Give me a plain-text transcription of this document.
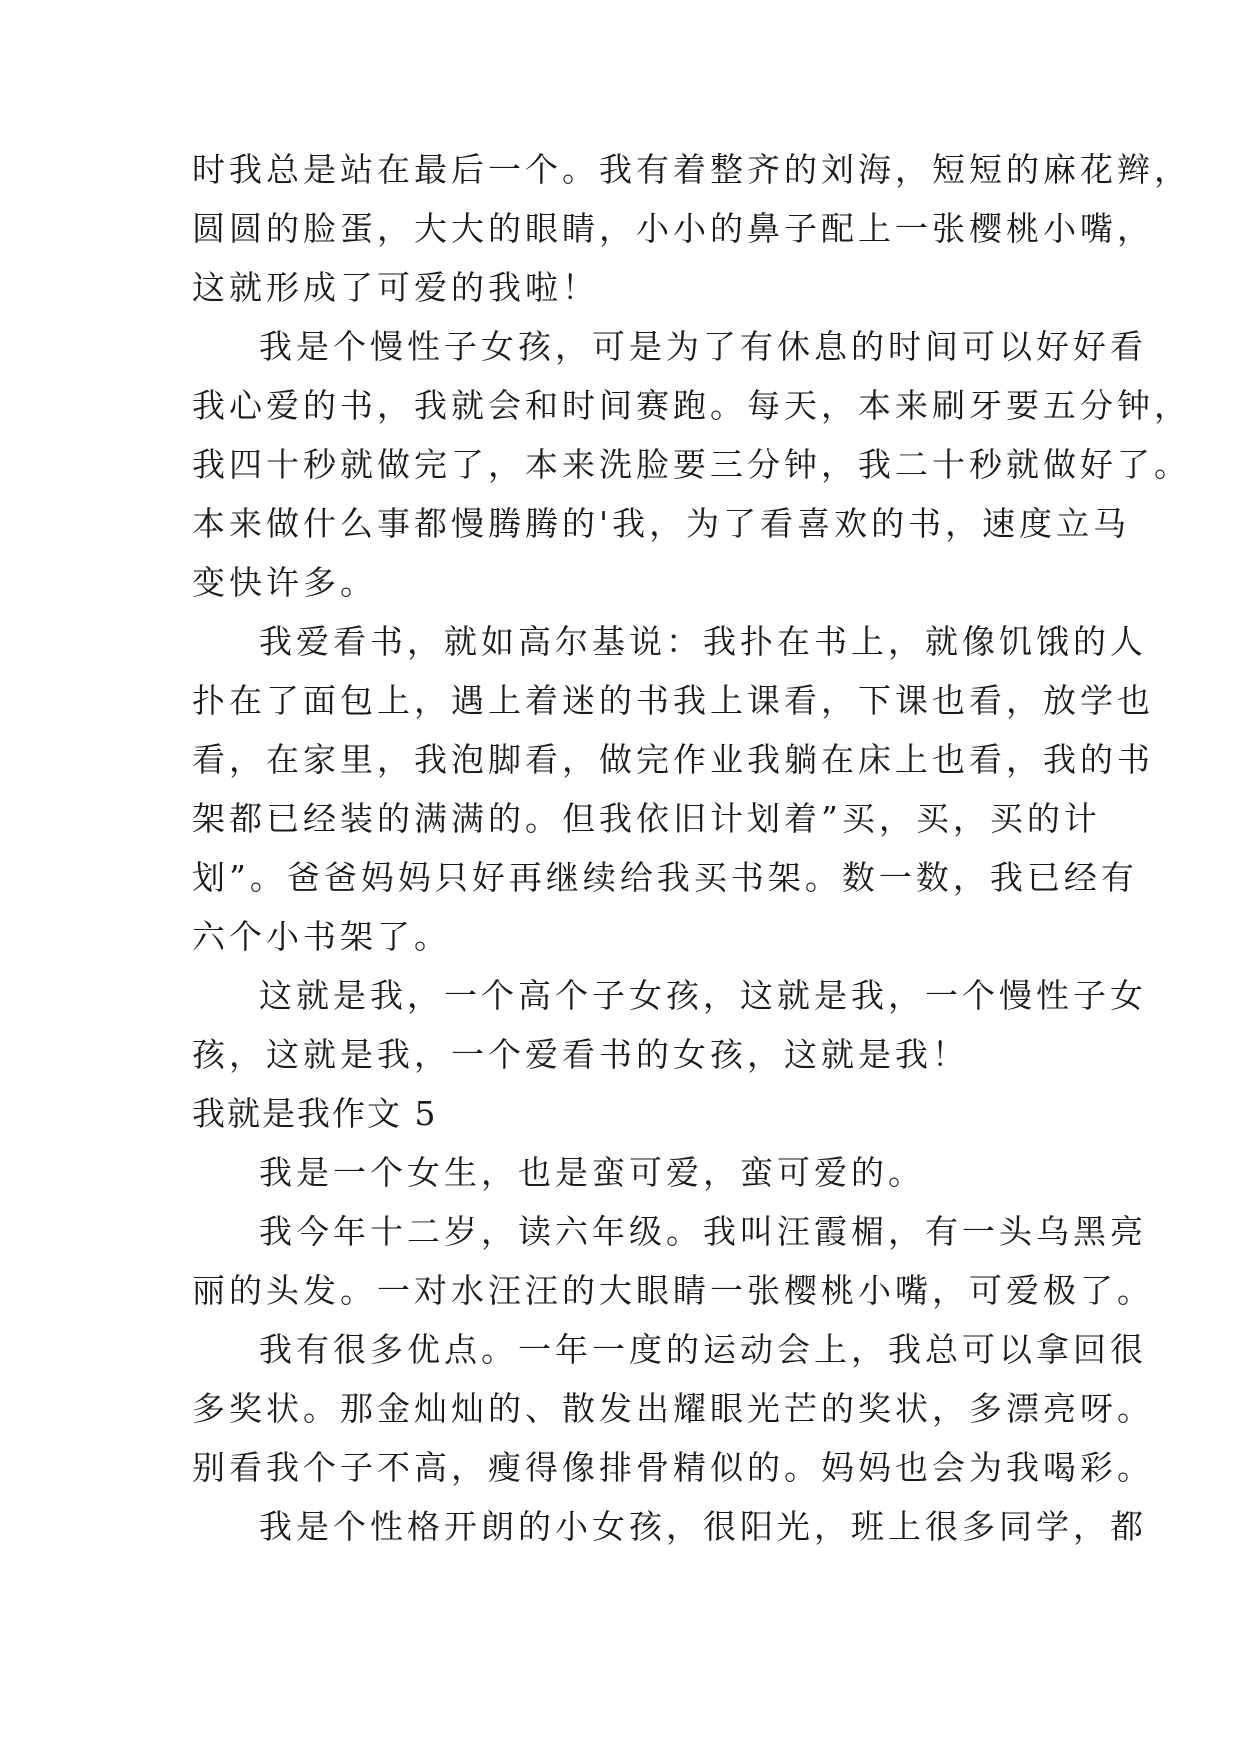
时我总是站在最后一个。我有着整齐的刘海，短短的麻花辫，
圆圆的脸蛋，大大的眼睛，小小的鼻子配上一张樱桃小嘴，
这就形成了可爱的我啦！
我是个慢性子女孩，可是为了有休息的时间可以好好看
我心爱的书，我就会和时间赛跑。每天，本来刷牙要五分钟，
我四十秒就做完了，本来洗脸要三分钟，我二十秒就做好了。
本来做什么事都慢腾腾的'我，为了看喜欢的书，速度立马
变快许多。
我爱看书，就如高尔基说：我扑在书上，就像饥饿的人
扑在了面包上，遇上着迷的书我上课看，下课也看，放学也
看，在家里，我泡脚看，做完作业我躺在床上也看，我的书
架都已经装的满满的。但我依旧计划着”买，买，买的计
划”。爸爸妈妈只好再继续给我买书架。数一数，我已经有
六个小书架了。
这就是我，一个高个子女孩，这就是我，一个慢性子女
孩，这就是我，一个爱看书的女孩，这就是我！
我就是我作文 5
我是一个女生，也是蛮可爱，蛮可爱的。
我今年十二岁，读六年级。我叫汪霞楣，有一头乌黑亮
丽的头发。一对水汪汪的大眼睛一张樱桃小嘴，可爱极了。
我有很多优点。一年一度的运动会上，我总可以拿回很
多奖状。那金灿灿的、散发出耀眼光芒的奖状，多漂亮呀。
别看我个子不高，瘦得像排骨精似的。妈妈也会为我喝彩。
我是个性格开朗的小女孩，很阳光，班上很多同学，都
